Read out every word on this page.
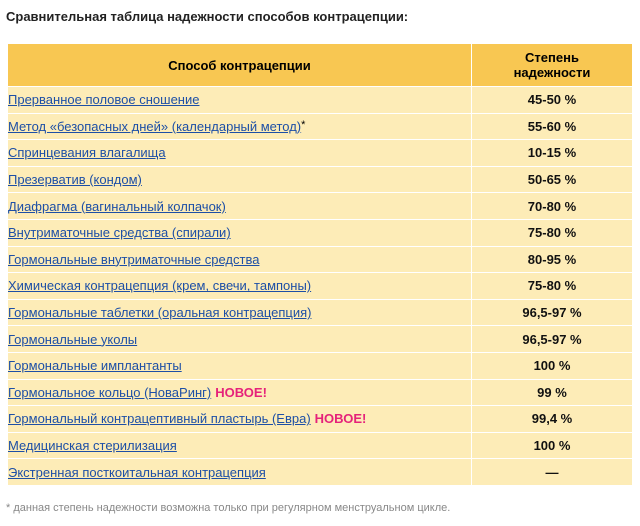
Сравнительная таблица надежности способов контрацепции:
Способ контрацепции	Степень
надежности
Прерванное половое сношение	45-50 %
Метод «безопасных дней» (календарный метод)*	55-60 %
Спринцевания влагалища	10-15 %
Презерватив (кондом)	50-65 %
Диафрагма (вагинальный колпачок)	70-80 %
Внутриматочные средства (спирали)	75-80 %
Гормональные внутриматочные средства	80-95 %
Химическая контрацепция (крем, свечи, тампоны)	75-80 %
Гормональные таблетки (оральная контрацепция)	96,5-97 %
Гормональные уколы	96,5-97 %
Гормональные имплантанты	100 %
Гормональное кольцо (НоваРинг) НОВОЕ!	99 %
Гормональный контрацептивный пластырь (Евра) НОВОЕ!	99,4 %
Медицинская стерилизация	100 %
Экстренная посткоитальная контрацепция	—
* данная степень надежности возможна только при регулярном менструальном цикле.
